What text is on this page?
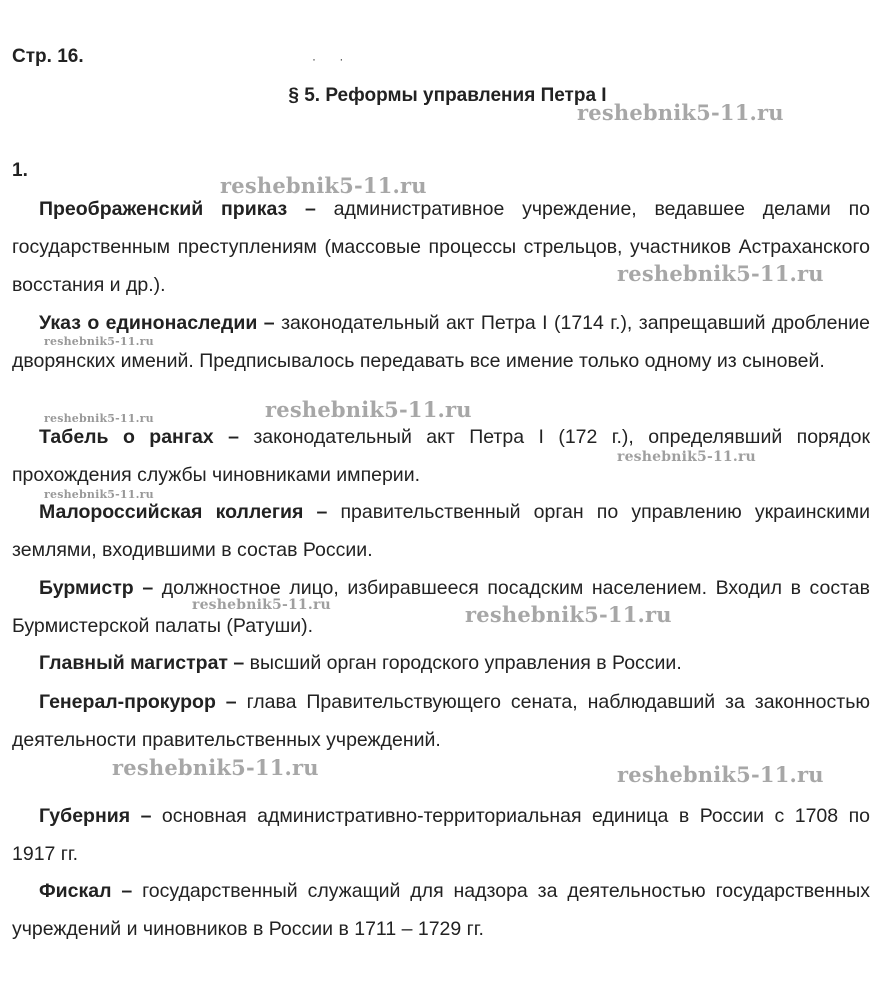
Стр. 16.	·       ·
§ 5. Реформы управления Петра I
1.

Преображенский приказ – административное учреждение, ведавшее делами по государственным преступлениям (массовые процессы стрельцов, участников Астраханского восстания и др.).

Указ о единонаследии – законодательный акт Петра I (1714 г.), запрещавший дробление дворянских имений. Предписывалось передавать все имение только одному из сыновей.

Табель о рангах – законодательный акт Петра I (172 г.), определявший порядок прохождения службы чиновниками империи.

Малороссийская коллегия – правительственный орган по управлению украинскими землями, входившими в состав России.

Бурмистр – должностное лицо, избиравшееся посадским населением. Входил в состав Бурмистерской палаты (Ратуши).

Главный магистрат – высший орган городского управления в России.

Генерал-прокурор – глава Правительствующего сената, наблюдавший за законностью деятельности правительственных учреждений.

Губерния – основная административно-территориальная единица в России с 1708 по 1917 гг.

Фискал – государственный служащий для надзора за деятельностью государственных учреждений и чиновников в России в 1711 – 1729 гг.

reshebnik5-11.ru
reshebnik5-11.ru
reshebnik5-11.ru
reshebnik5-11.ru
reshebnik5-11.ru
reshebnik5-11.ru
reshebnik5-11.ru
reshebnik5-11.ru
reshebnik5-11.ru	reshebnik5-11.ru
reshebnik5-11.ru	reshebnik5-11.ru
